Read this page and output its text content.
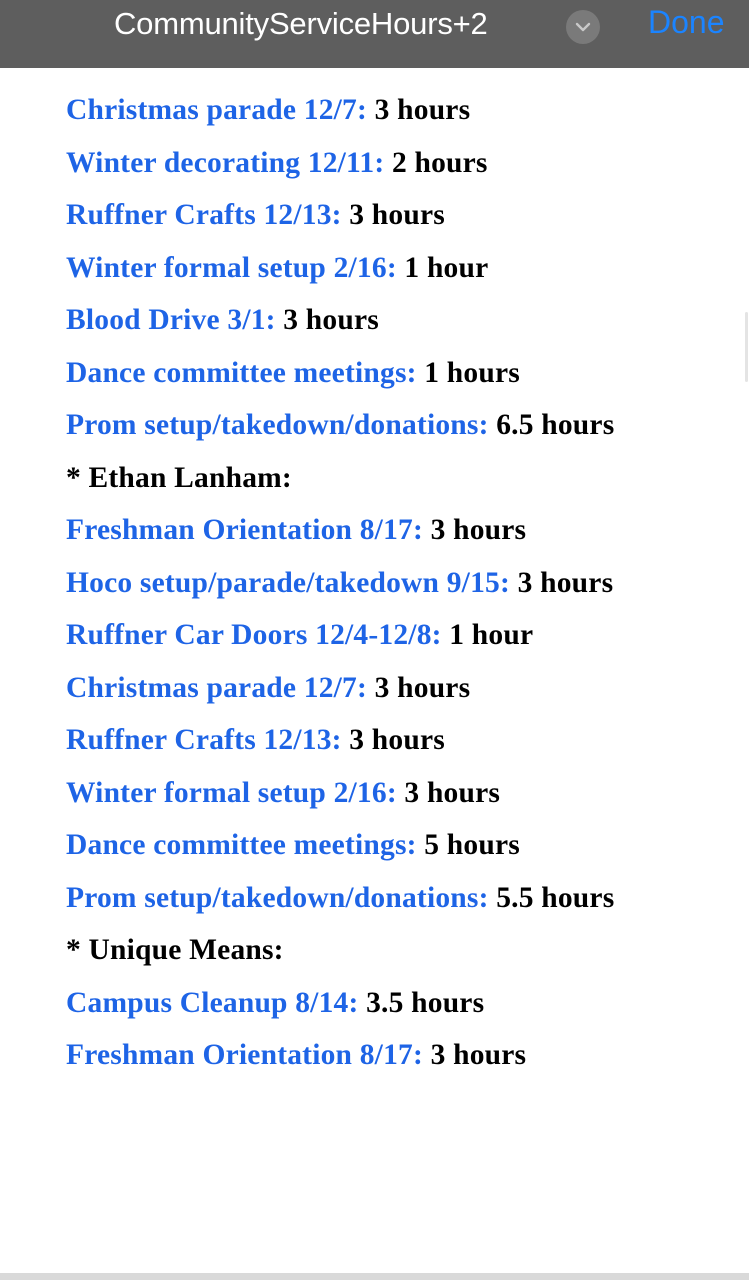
CommunityServiceHours+2	Done
Christmas parade 12/7: 3 hours
Winter decorating 12/11: 2 hours
Ruffner Crafts 12/13: 3 hours
Winter formal setup 2/16: 1 hour
Blood Drive 3/1: 3 hours
Dance committee meetings: 1 hours
Prom setup/takedown/donations: 6.5 hours
* Ethan Lanham:
Freshman Orientation 8/17: 3 hours
Hoco setup/parade/takedown 9/15: 3 hours
Ruffner Car Doors 12/4-12/8: 1 hour
Christmas parade 12/7: 3 hours
Ruffner Crafts 12/13: 3 hours
Winter formal setup 2/16: 3 hours
Dance committee meetings: 5 hours
Prom setup/takedown/donations: 5.5 hours
* Unique Means:
Campus Cleanup 8/14: 3.5 hours
Freshman Orientation 8/17: 3 hours
